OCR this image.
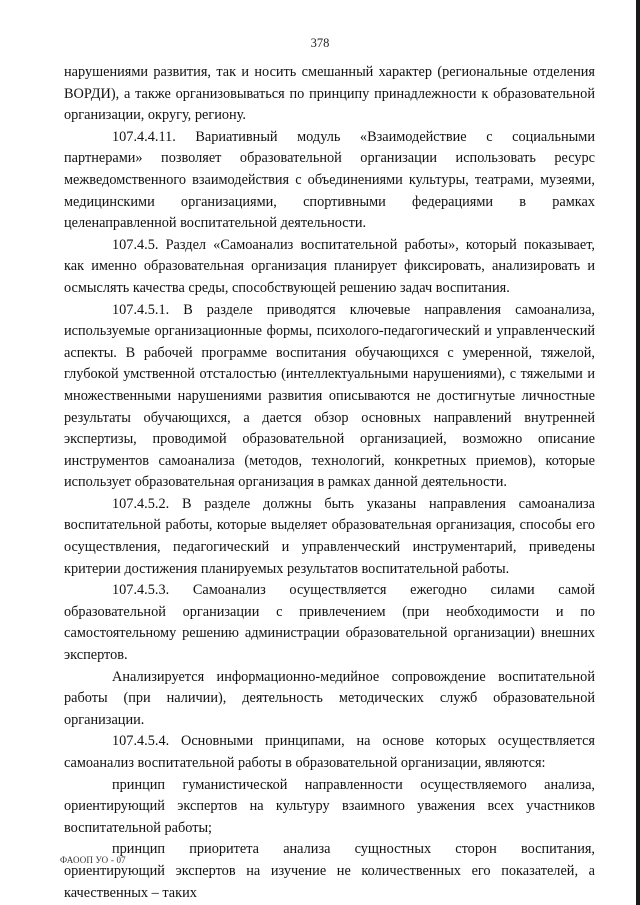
378

нарушениями развития, так и носить смешанный характер (региональные отделения ВОРДИ), а также организовываться по принципу принадлежности к образовательной организации, округу, региону.

107.4.4.11. Вариативный модуль «Взаимодействие с социальными партнерами» позволяет образовательной организации использовать ресурс межведомственного взаимодействия с объединениями культуры, театрами, музеями, медицинскими организациями, спортивными федерациями в рамках целенаправленной воспитательной деятельности.

107.4.5. Раздел «Самоанализ воспитательной работы», который показывает, как именно образовательная организация планирует фиксировать, анализировать и осмыслять качества среды, способствующей решению задач воспитания.

107.4.5.1. В разделе приводятся ключевые направления самоанализа, используемые организационные формы, психолого-педагогический и управленческий аспекты. В рабочей программе воспитания обучающихся с умеренной, тяжелой, глубокой умственной отсталостью (интеллектуальными нарушениями), с тяжелыми и множественными нарушениями развития описываются не достигнутые личностные результаты обучающихся, а дается обзор основных направлений внутренней экспертизы, проводимой образовательной организацией, возможно описание инструментов самоанализа (методов, технологий, конкретных приемов), которые использует образовательная организация в рамках данной деятельности.

107.4.5.2. В разделе должны быть указаны направления самоанализа воспитательной работы, которые выделяет образовательная организация, способы его осуществления, педагогический и управленческий инструментарий, приведены критерии достижения планируемых результатов воспитательной работы.

107.4.5.3. Самоанализ осуществляется ежегодно силами самой образовательной организации с привлечением (при необходимости и по самостоятельному решению администрации образовательной организации) внешних экспертов.

Анализируется информационно-медийное сопровождение воспитательной работы (при наличии), деятельность методических служб образовательной организации.

107.4.5.4. Основными принципами, на основе которых осуществляется самоанализ воспитательной работы в образовательной организации, являются:

принцип гуманистической направленности осуществляемого анализа, ориентирующий экспертов на культуру взаимного уважения всех участников воспитательной работы;

принцип приоритета анализа сущностных сторон воспитания, ориентирующий экспертов на изучение не количественных его показателей, а качественных – таких

ФАООП УО - 07
